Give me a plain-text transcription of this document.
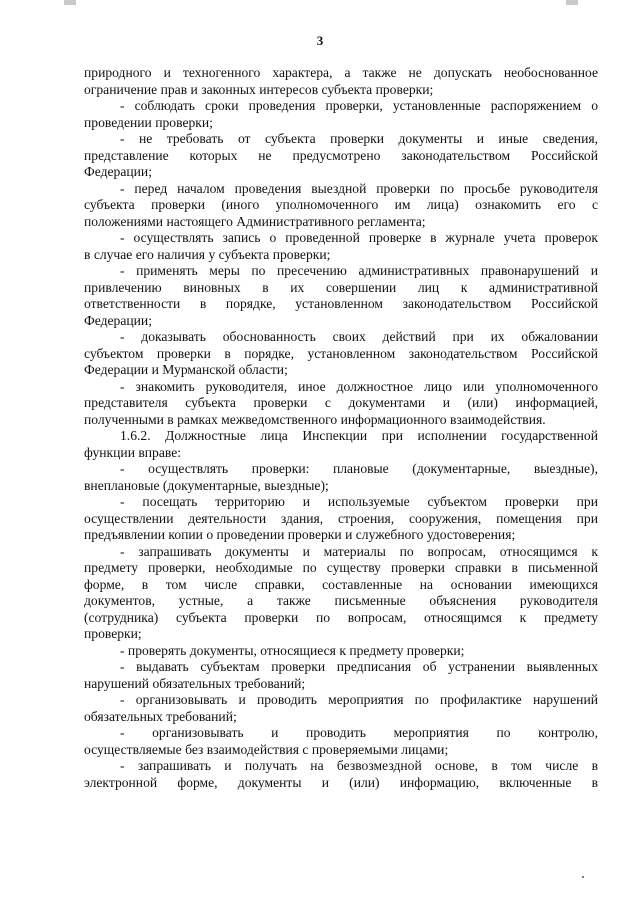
3
природного и техногенного характера, а также не допускать необоснованное
ограничение прав и законных интересов субъекта проверки;
- соблюдать сроки проведения проверки, установленные распоряжением о
проведении проверки;
- не требовать от субъекта проверки документы и иные сведения,
представление которых не предусмотрено законодательством Российской
Федерации;
- перед началом проведения выездной проверки по просьбе руководителя
субъекта проверки (иного уполномоченного им лица) ознакомить его с
положениями настоящего Административного регламента;
- осуществлять запись о проведенной проверке в журнале учета проверок
в случае его наличия у субъекта проверки;
- применять меры по пресечению административных правонарушений и
привлечению виновных в их совершении лиц к административной
ответственности в порядке, установленном законодательством Российской
Федерации;
- доказывать обоснованность своих действий при их обжаловании
субъектом проверки в порядке, установленном законодательством Российской
Федерации и Мурманской области;
- знакомить руководителя, иное должностное лицо или уполномоченного
представителя субъекта проверки с документами и (или) информацией,
полученными в рамках межведомственного информационного взаимодействия.
1.6.2. Должностные лица Инспекции при исполнении государственной
функции вправе:
- осуществлять проверки: плановые (документарные, выездные),
внеплановые (документарные, выездные);
- посещать территорию и используемые субъектом проверки при
осуществлении деятельности здания, строения, сооружения, помещения при
предъявлении копии о проведении проверки и служебного удостоверения;
- запрашивать документы и материалы по вопросам, относящимся к
предмету проверки, необходимые по существу проверки справки в письменной
форме, в том числе справки, составленные на основании имеющихся
документов, устные, а также письменные объяснения руководителя
(сотрудника) субъекта проверки по вопросам, относящимся к предмету
проверки;
- проверять документы, относящиеся к предмету проверки;
- выдавать субъектам проверки предписания об устранении выявленных
нарушений обязательных требований;
- организовывать и проводить мероприятия по профилактике нарушений
обязательных требований;
- организовывать и проводить мероприятия по контролю,
осуществляемые без взаимодействия с проверяемыми лицами;
- запрашивать и получать на безвозмездной основе, в том числе в
электронной форме, документы и (или) информацию, включенные в
